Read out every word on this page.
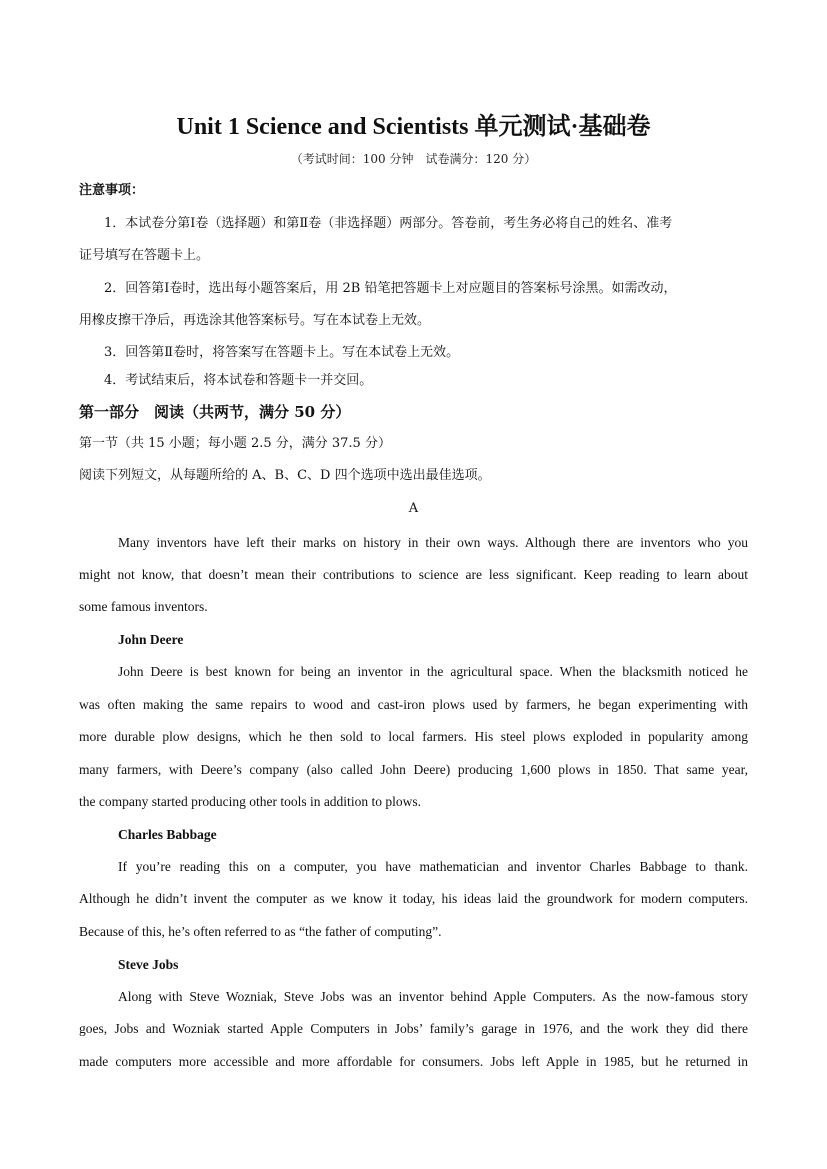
Unit 1 Science and Scientists 单元测试·基础卷
（考试时间：100 分钟　试卷满分：120 分）
注意事项：
1．本试卷分第Ⅰ卷（选择题）和第Ⅱ卷（非选择题）两部分。答卷前，考生务必将自己的姓名、准考
证号填写在答题卡上。
2．回答第Ⅰ卷时，选出每小题答案后，用 2B 铅笔把答题卡上对应题目的答案标号涂黑。如需改动，
用橡皮擦干净后，再选涂其他答案标号。写在本试卷上无效。
3．回答第Ⅱ卷时，将答案写在答题卡上。写在本试卷上无效。
4．考试结束后，将本试卷和答题卡一并交回。
第一部分　阅读（共两节，满分 50 分）
第一节（共 15 小题；每小题 2.5 分，满分 37.5 分）
阅读下列短文，从每题所给的 A、B、C、D 四个选项中选出最佳选项。
A
Many inventors have left their marks on history in their own ways. Although there are inventors who you
might not know, that doesn’t mean their contributions to science are less significant. Keep reading to learn about
some famous inventors.
John Deere
John Deere is best known for being an inventor in the agricultural space. When the blacksmith noticed he
was often making the same repairs to wood and cast-iron plows used by farmers, he began experimenting with
more durable plow designs, which he then sold to local farmers. His steel plows exploded in popularity among
many farmers, with Deere’s company (also called John Deere) producing 1,600 plows in 1850. That same year,
the company started producing other tools in addition to plows.
Charles Babbage
If you’re reading this on a computer, you have mathematician and inventor Charles Babbage to thank.
Although he didn’t invent the computer as we know it today, his ideas laid the groundwork for modern computers.
Because of this, he’s often referred to as “the father of computing”.
Steve Jobs
Along with Steve Wozniak, Steve Jobs was an inventor behind Apple Computers. As the now-famous story
goes, Jobs and Wozniak started Apple Computers in Jobs’ family’s garage in 1976, and the work they did there
made computers more accessible and more affordable for consumers. Jobs left Apple in 1985, but he returned in
